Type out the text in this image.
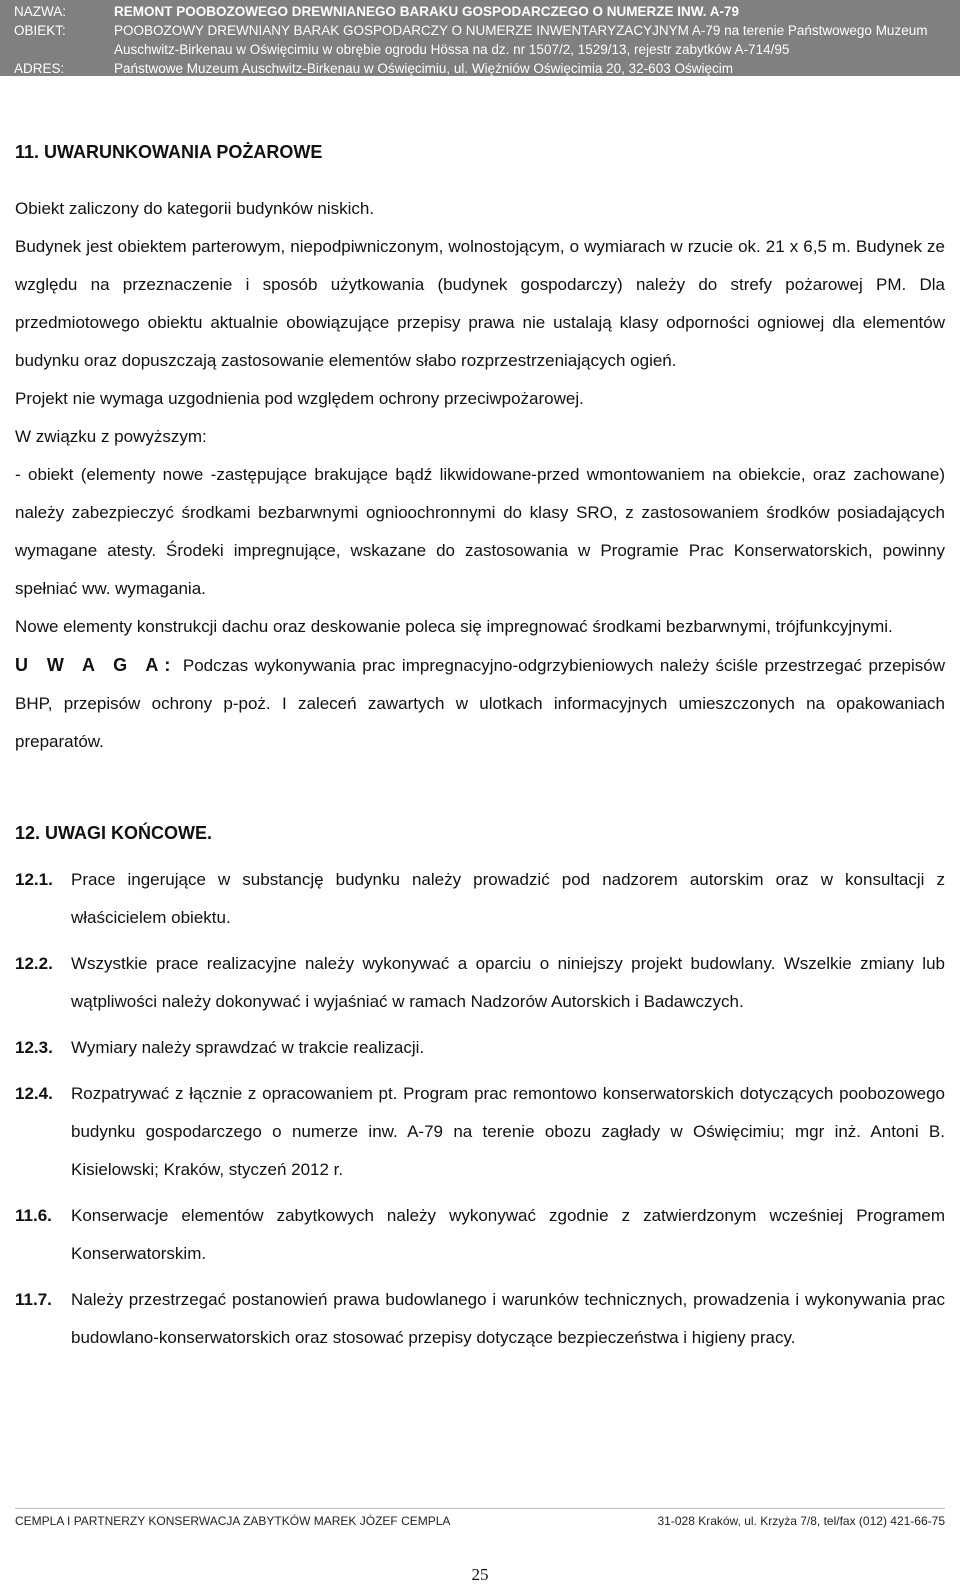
NAZWA:	REMONT POOBOZOWEGO DREWNIANEGO BARAKU GOSPODARCZEGO O NUMERZE INW. A-79
OBIEKT:	POOBOZOWY DREWNIANY BARAK GOSPODARCZY O NUMERZE INWENTARYZACYJNYM A-79 na terenie Państwowego Muzeum
Auschwitz-Birkenau w Oświęcimiu w obrębie ogrodu Hössa na dz. nr 1507/2, 1529/13, rejestr zabytków A-714/95
ADRES:	Państwowe Muzeum Auschwitz-Birkenau w Oświęcimiu, ul. Więźniów Oświęcimia 20, 32-603 Oświęcim

11. UWARUNKOWANIA POŻAROWE

Obiekt zaliczony do kategorii budynków niskich.

Budynek jest obiektem parterowym, niepodpiwniczonym, wolnostojącym, o wymiarach w rzucie ok. 21 x 6,5 m. Budynek ze względu na przeznaczenie i sposób użytkowania (budynek gospodarczy) należy do strefy pożarowej PM. Dla przedmiotowego obiektu aktualnie obowiązujące przepisy prawa nie ustalają klasy odporności ogniowej dla elementów budynku oraz dopuszczają zastosowanie elementów słabo rozprzestrzeniających ogień.

Projekt nie wymaga uzgodnienia pod względem ochrony przeciwpożarowej.

W związku z powyższym:

- obiekt (elementy nowe -zastępujące brakujące bądź likwidowane-przed wmontowaniem na obiekcie, oraz zachowane) należy zabezpieczyć środkami bezbarwnymi ognioochronnymi do klasy SRO, z zastosowaniem środków posiadających wymagane atesty. Środeki impregnujące, wskazane do zastosowania w Programie Prac Konserwatorskich, powinny spełniać ww. wymagania.

Nowe elementy konstrukcji dachu oraz deskowanie poleca się impregnować środkami bezbarwnymi, trójfunkcyjnymi.

U W A G A: Podczas wykonywania prac impregnacyjno-odgrzybieniowych należy ściśle przestrzegać przepisów BHP, przepisów ochrony p-poż. I zaleceń zawartych w ulotkach informacyjnych umieszczonych na opakowaniach preparatów.

12. UWAGI KOŃCOWE.

12.1.	Prace ingerujące w substancję budynku należy prowadzić pod nadzorem autorskim oraz w konsultacji z właścicielem obiektu.
12.2.	Wszystkie prace realizacyjne należy wykonywać a oparciu o niniejszy projekt budowlany. Wszelkie zmiany lub wątpliwości należy dokonywać i wyjaśniać w ramach Nadzorów Autorskich i Badawczych.
12.3.	Wymiary należy sprawdzać w trakcie realizacji.
12.4.	Rozpatrywać z łącznie z opracowaniem pt. Program prac remontowo konserwatorskich dotyczących poobozowego budynku gospodarczego o numerze inw. A-79 na terenie obozu zagłady w Oświęcimiu; mgr inż. Antoni B. Kisielowski; Kraków, styczeń 2012 r.
11.6.	Konserwacje elementów zabytkowych należy wykonywać zgodnie z zatwierdzonym wcześniej Programem Konserwatorskim.
11.7.	Należy przestrzegać postanowień prawa budowlanego i warunków technicznych, prowadzenia i wykonywania prac budowlano-konserwatorskich oraz stosować przepisy dotyczące bezpieczeństwa i higieny pracy.
CEMPLA I PARTNERZY KONSERWACJA ZABYTKÓW MAREK JÓZEF CEMPLA	31-028 Kraków, ul. Krzyża 7/8, tel/fax (012) 421-66-75
25
